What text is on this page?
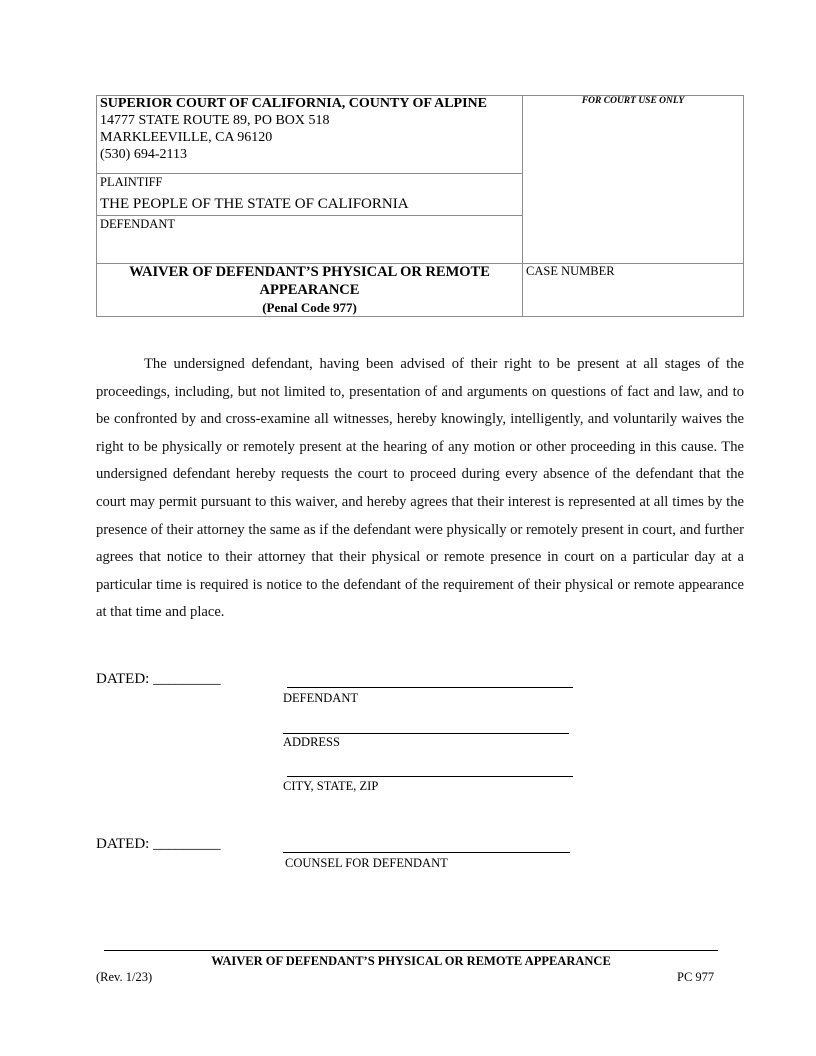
SUPERIOR COURT OF CALIFORNIA, COUNTY OF ALPINE
14777 STATE ROUTE 89, PO BOX 518
MARKLEEVILLE, CA 96120
(530) 694-2113
FOR COURT USE ONLY
PLAINTIFF
THE PEOPLE OF THE STATE OF CALIFORNIA
DEFENDANT
WAIVER OF DEFENDANT’S PHYSICAL OR REMOTE
APPEARANCE
(Penal Code 977)
CASE NUMBER
The undersigned defendant, having been advised of their right to be present at all stages of the proceedings, including, but not limited to, presentation of and arguments on questions of fact and law, and to be confronted by and cross-examine all witnesses, hereby knowingly, intelligently, and voluntarily waives the right to be physically or remotely present at the hearing of any motion or other proceeding in this cause. The undersigned defendant hereby requests the court to proceed during every absence of the defendant that the court may permit pursuant to this waiver, and hereby agrees that their interest is represented at all times by the presence of their attorney the same as if the defendant were physically or remotely present in court, and further agrees that notice to their attorney that their physical or remote presence in court on a particular day at a particular time is required is notice to the defendant of the requirement of their physical or remote appearance at that time and place.
DATED: _________
DEFENDANT
ADDRESS
CITY, STATE, ZIP
DATED: _________
COUNSEL FOR DEFENDANT
WAIVER OF DEFENDANT’S PHYSICAL OR REMOTE APPEARANCE
(Rev. 1/23)	PC 977
